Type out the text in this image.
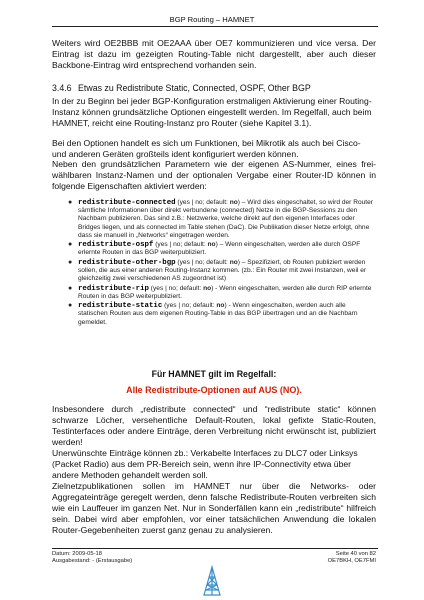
BGP Routing – HAMNET
Weiters wird OE2BBB mit OE2AAA über OE7 kommunizieren und vice versa. Der Eintrag ist dazu im gezeigten Routing-Table nicht dargestellt, aber auch dieser Backbone-Eintrag wird entsprechend vorhanden sein.
3.4.6 Etwas zu Redistribute Static, Connected, OSPF, Other BGP
In der zu Beginn bei jeder BGP-Konfiguration erstmaligen Aktivierung einer Routing-Instanz können grundsätzliche Optionen eingestellt werden. Im Regelfall, auch beim HAMNET, reicht eine Routing-Instanz pro Router (siehe Kapitel 3.1).
Bei den Optionen handelt es sich um Funktionen, bei Mikrotik als auch bei Cisco- und anderen Geräten großteils ident konfiguriert werden können.
Neben den grundsätzlichen Parametern wie der eigenen AS-Nummer, eines frei-wählbaren Instanz-Namen und der optionalen Vergabe einer Router-ID können in folgende Eigenschaften aktiviert werden:
● redistribute-connected (yes | no; default: no) – Wird dies eingeschaltet, so wird der Router sämtliche Informationen über direkt verbundene (connected) Netze in die BGP-Sessions zu den Nachbarn publizieren. Das sind z.B.: Netzwerke, welche direkt auf den eigenen Interfaces oder Bridges liegen, und als connected im Table stehen (DaC). Die Publikation dieser Netze erfolgt, ohne dass sie manuell in „Networks“ eingetragen werden.
● redistribute-ospf (yes | no; default: no) – Wenn eingeschalten, werden alle durch OSPF erlernte Routen in das BGP weiterpubliziert.
● redistribute-other-bgp (yes | no; default: no) – Spezifiziert, ob Routen publiziert werden sollen, die aus einer anderen Routing-Instanz kommen. (zb.: Ein Router mit zwei Instanzen, weil er gleichzeitig zwei verschiedenen AS zugeordnet ist)
● redistribute-rip (yes | no; default: no) - Wenn eingeschalten, werden alle durch RIP erlernte Routen in das BGP weiterpubliziert.
● redistribute-static (yes | no; default: no) - Wenn eingeschalten, werden auch alle statischen Routen aus dem eigenen Routing-Table in das BGP übertragen und an die Nachbarn gemeldet.
Für HAMNET gilt im Regelfall:
Alle Redistribute-Optionen auf AUS (NO).
Insbesondere durch „redistribute connected“ und “redistribute static“ können schwarze Löcher, versehentliche Default-Routen, lokal gefixte Static-Routen, Testinterfaces oder andere Einträge, deren Verbreitung nicht erwünscht ist, publiziert werden!
Unerwünschte Einträge können zb.: Verkabelte Interfaces zu DLC7 oder Linksys (Packet Radio) aus dem PR-Bereich sein, wenn ihre IP-Connectivity etwa über andere Methoden gehandelt werden soll.
Zielnetzpublikationen sollen im HAMNET nur über die Networks- oder Aggregateinträge geregelt werden, denn falsche Redistribute-Routen verbreiten sich wie ein Lauffeuer im ganzen Net. Nur in Sonderfällen kann ein „redistribute“ hilfreich sein. Dabei wird aber empfohlen, vor einer tatsächlichen Anwendung die lokalen Router-Gegebenheiten zuerst ganz genau zu analysieren.
Datum: 2009-05-18
Ausgabestand: - (Erstausgabe)
Seite 40 von 82
OE7BKH, OE7FMI
